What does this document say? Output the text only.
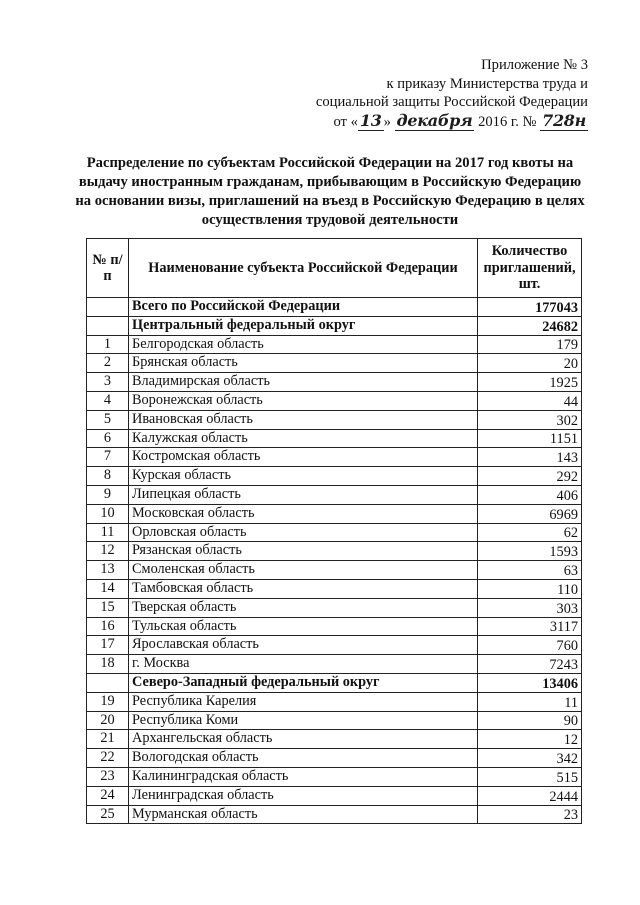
Приложение № 3
к приказу Министерства труда и
социальной защиты Российской Федерации
от « 13 » декабря 2016 г. № 728н
Распределение по субъектам Российской Федерации на 2017 год квоты на выдачу иностранным гражданам, прибывающим в Российскую Федерацию на основании визы, приглашений на въезд в Российскую Федерацию в целях осуществления трудовой деятельности
№ п/п	Наименование субъекта Российской Федерации	Количество приглашений, шт.
	Всего по Российской Федерации	177043
	Центральный федеральный округ	24682
1	Белгородская область	179
2	Брянская область	20
3	Владимирская область	1925
4	Воронежская область	44
5	Ивановская область	302
6	Калужская область	1151
7	Костромская область	143
8	Курская область	292
9	Липецкая область	406
10	Московская область	6969
11	Орловская область	62
12	Рязанская область	1593
13	Смоленская область	63
14	Тамбовская область	110
15	Тверская область	303
16	Тульская область	3117
17	Ярославская область	760
18	г. Москва	7243
	Северо-Западный федеральный округ	13406
19	Республика Карелия	11
20	Республика Коми	90
21	Архангельская область	12
22	Вологодская область	342
23	Калининградская область	515
24	Ленинградская область	2444
25	Мурманская область	23
